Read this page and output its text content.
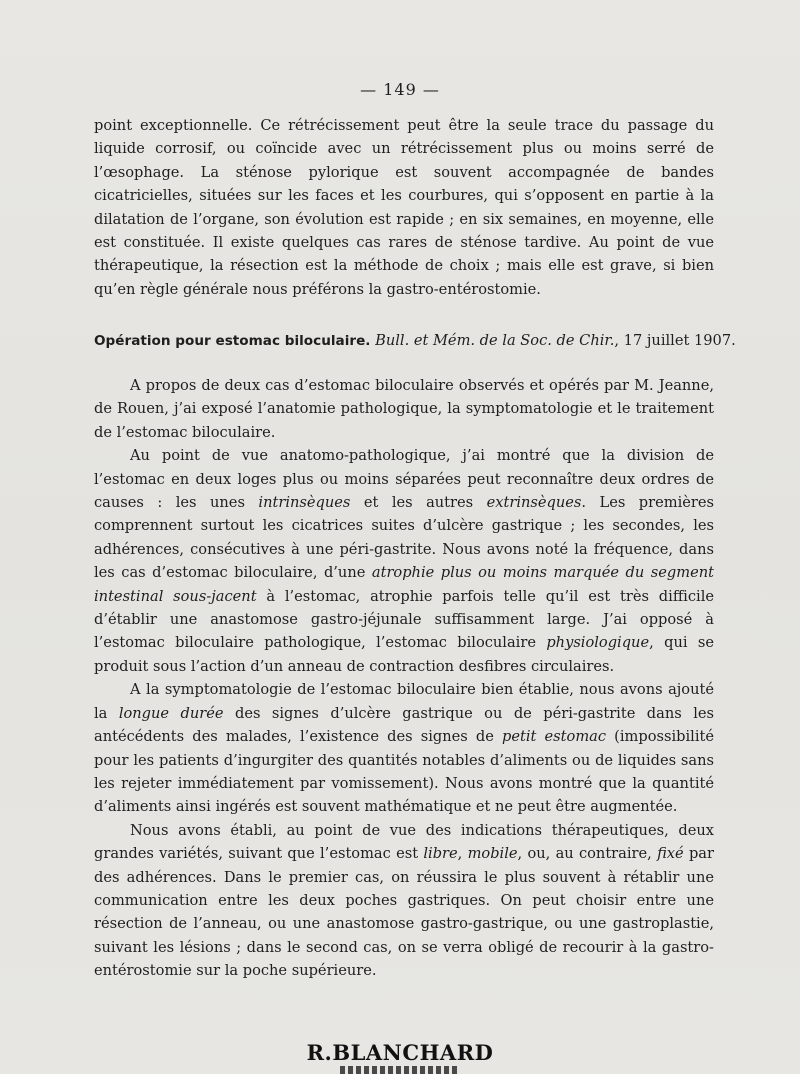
— 149 —
point exceptionnelle. Ce rétrécissement peut être la seule trace du passage du liquide corrosif, ou coïncide avec un rétrécissement plus ou moins serré de l’œsophage. La sténose pylorique est souvent accompagnée de bandes cicatricielles, situées sur les faces et les courbures, qui s’opposent en partie à la dilatation de l’organe, son évolution est rapide ; en six semaines, en moyenne, elle est constituée. Il existe quelques cas rares de sténose tardive. Au point de vue thérapeutique, la résection est la méthode de choix ; mais elle est grave, si bien qu’en règle générale nous préférons la gastro-entérostomie.
Opération pour estomac biloculaire. Bull. et Mém. de la Soc. de Chir., 17 juillet 1907.

A propos de deux cas d’estomac biloculaire observés et opérés par M. Jeanne, de Rouen, j’ai exposé l’anatomie pathologique, la symptomatologie et le traitement de l’estomac biloculaire.

Au point de vue anatomo-pathologique, j’ai montré que la division de l’estomac en deux loges plus ou moins séparées peut reconnaître deux ordres de causes : les unes intrinsèques et les autres extrinsèques. Les premières comprennent surtout les cicatrices suites d’ulcère gastrique ; les secondes, les adhérences, consécutives à une péri-gastrite. Nous avons noté la fréquence, dans les cas d’estomac biloculaire, d’une atrophie plus ou moins marquée du segment intestinal sous-jacent à l’estomac, atrophie parfois telle qu’il est très difficile d’établir une anastomose gastro-jéjunale suffisamment large. J’ai opposé à l’estomac biloculaire pathologique, l’estomac biloculaire physiologique, qui se produit sous l’action d’un anneau de contraction desfibres circulaires.

A la symptomatologie de l’estomac biloculaire bien établie, nous avons ajouté la longue durée des signes d’ulcère gastrique ou de péri-gastrite dans les antécédents des malades, l’existence des signes de petit estomac (impossibilité pour les patients d’ingurgiter des quantités notables d’aliments ou de liquides sans les rejeter immédiatement par vomissement). Nous avons montré que la quantité d’aliments ainsi ingérés est souvent mathématique et ne peut être augmentée.

Nous avons établi, au point de vue des indications thérapeutiques, deux grandes variétés, suivant que l’estomac est libre, mobile, ou, au contraire, fixé par des adhérences. Dans le premier cas, on réussira le plus souvent à rétablir une communication entre les deux poches gastriques. On peut choisir entre une résection de l’anneau, ou une anastomose gastro-gastrique, ou une gastroplastie, suivant les lésions ; dans le second cas, on se verra obligé de recourir à la gastro-entérostomie sur la poche supérieure.

R.BLANCHARD
